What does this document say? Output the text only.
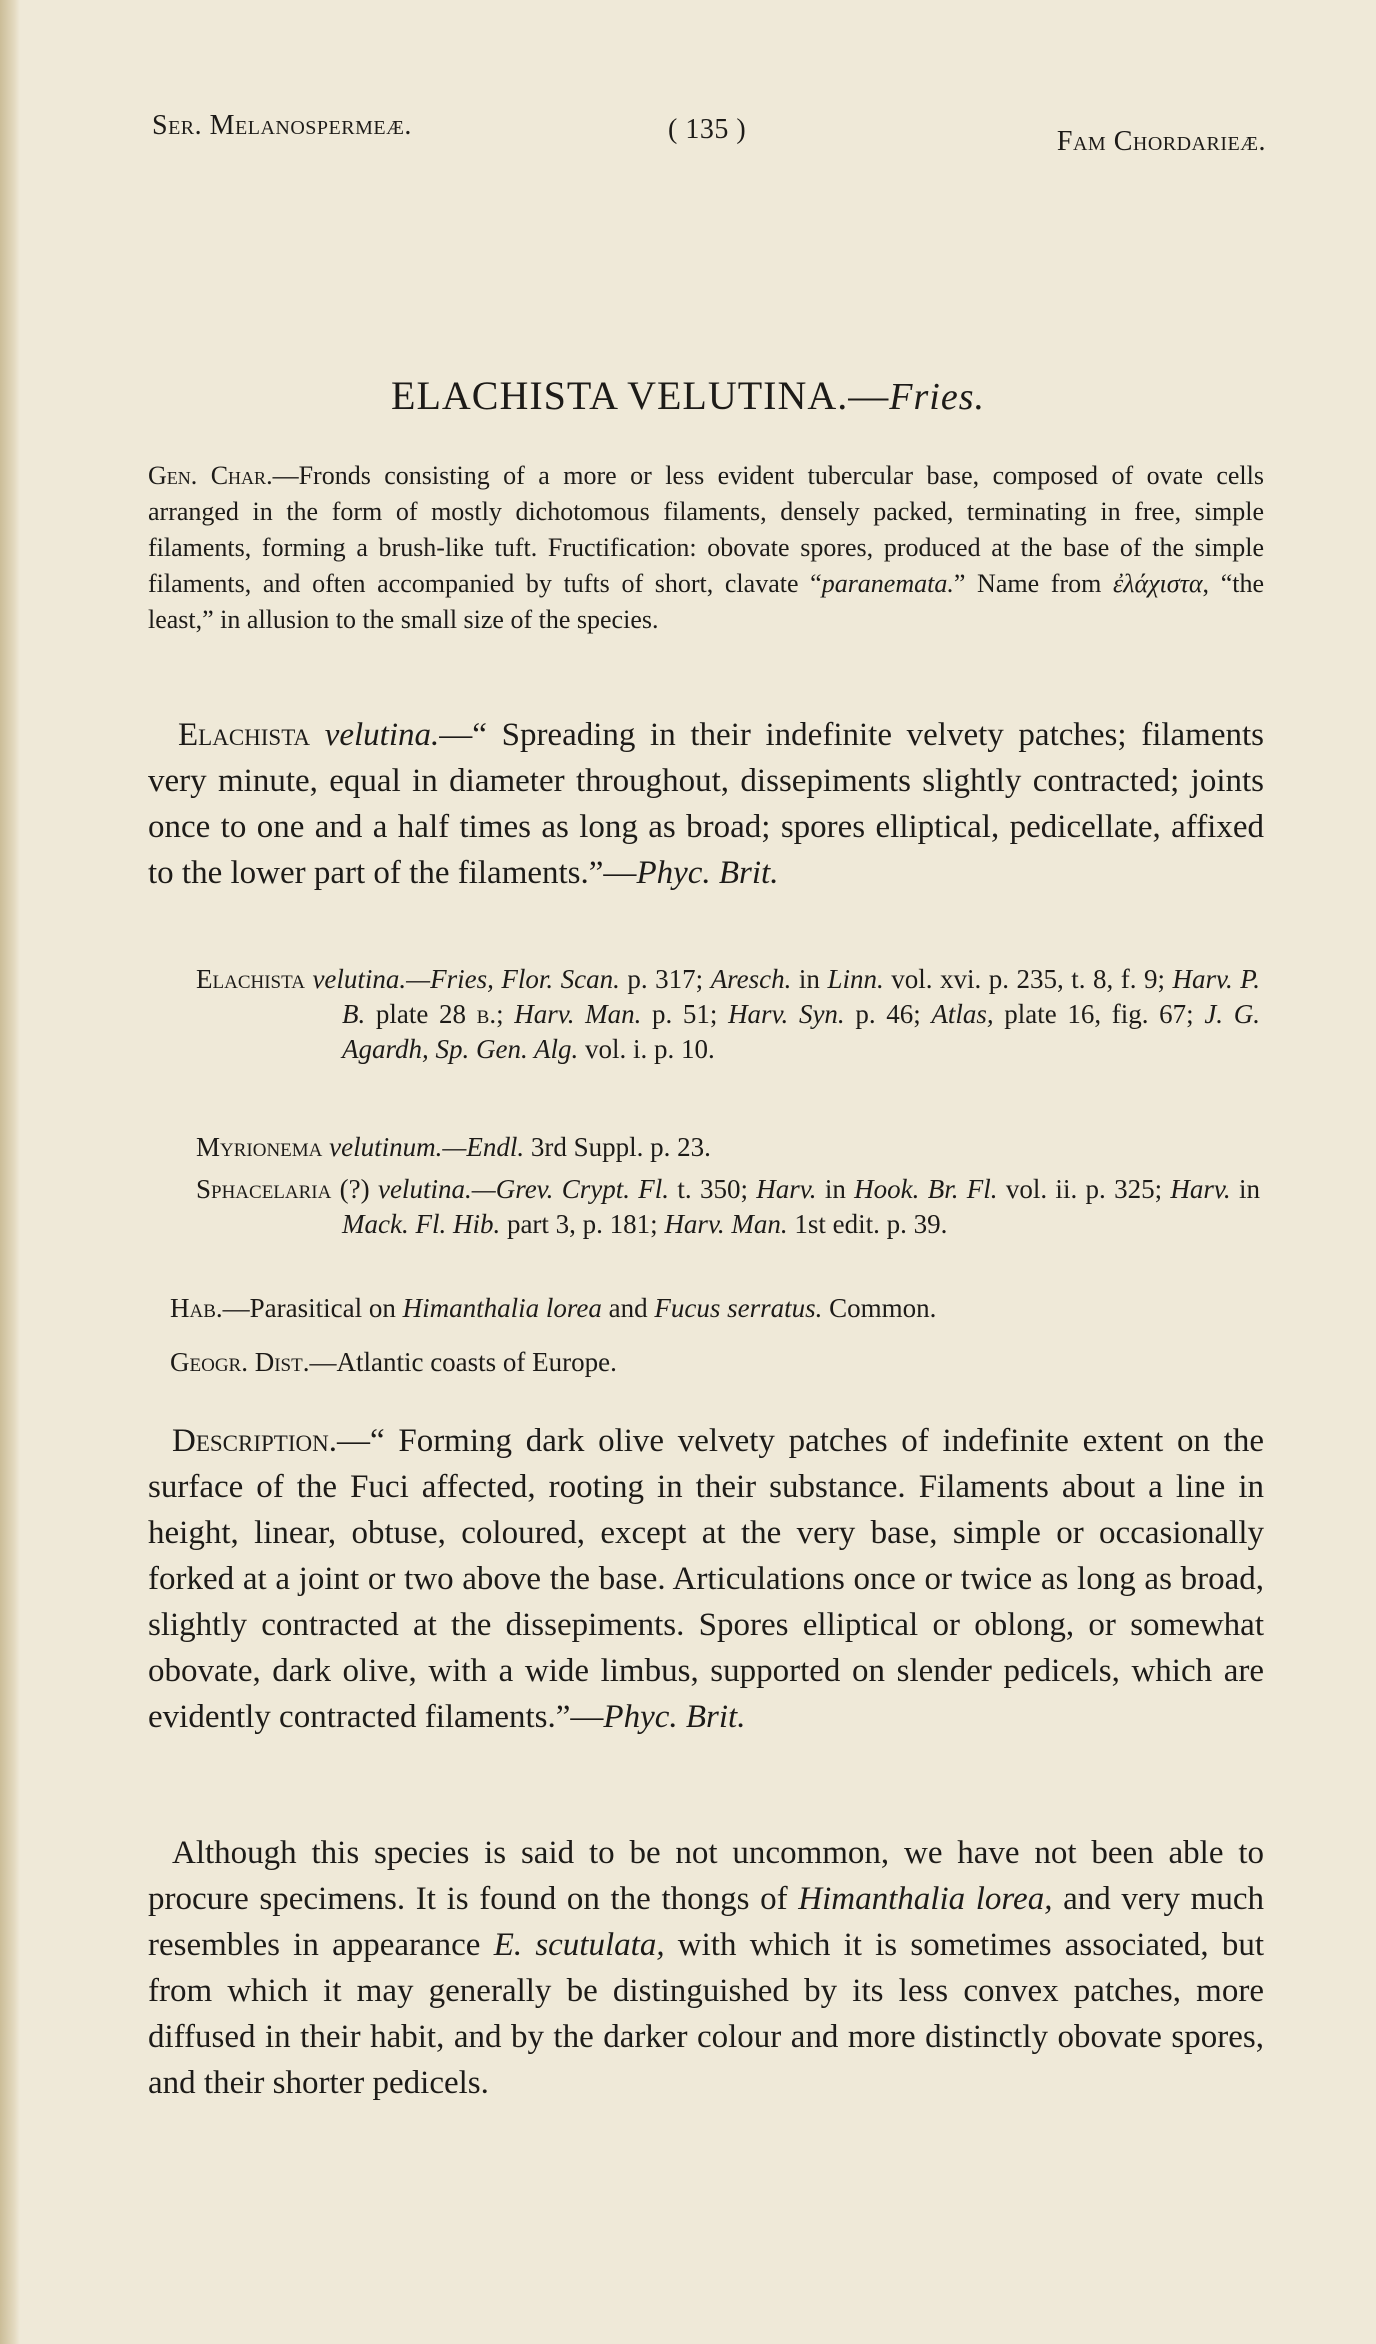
Ser. Melanospermeæ.	( 135 )	Fam Chordarieæ.
ELACHISTA VELUTINA.—Fries.
Gen. Char.—Fronds consisting of a more or less evident tubercular base, composed of ovate cells arranged in the form of mostly dichotomous filaments, densely packed, terminating in free, simple filaments, forming a brush-like tuft. Fructification: obovate spores, produced at the base of the simple filaments, and often accompanied by tufts of short, clavate “paranemata.” Name from ἐλάχιστα, “the least,” in allusion to the small size of the species.
Elachista velutina.—“ Spreading in their indefinite velvety patches; filaments very minute, equal in diameter throughout, dissepiments slightly contracted; joints once to one and a half times as long as broad; spores elliptical, pedicellate, affixed to the lower part of the filaments.”—Phyc. Brit.
Elachista velutina.—Fries, Flor. Scan. p. 317; Aresch. in Linn. vol. xvi. p. 235, t. 8, f. 9; Harv. P. B. plate 28 b.; Harv. Man. p. 51; Harv. Syn. p. 46; Atlas, plate 16, fig. 67; J. G. Agardh, Sp. Gen. Alg. vol. i. p. 10.
Myrionema velutinum.—Endl. 3rd Suppl. p. 23.
Sphacelaria (?) velutina.—Grev. Crypt. Fl. t. 350; Harv. in Hook. Br. Fl. vol. ii. p. 325; Harv. in Mack. Fl. Hib. part 3, p. 181; Harv. Man. 1st edit. p. 39.
Hab.—Parasitical on Himanthalia lorea and Fucus serratus. Common.
Geogr. Dist.—Atlantic coasts of Europe.
Description.—“ Forming dark olive velvety patches of indefinite extent on the surface of the Fuci affected, rooting in their substance. Filaments about a line in height, linear, obtuse, coloured, except at the very base, simple or occasionally forked at a joint or two above the base. Articulations once or twice as long as broad, slightly contracted at the dissepiments. Spores elliptical or oblong, or somewhat obovate, dark olive, with a wide limbus, supported on slender pedicels, which are evidently contracted filaments.”—Phyc. Brit.
Although this species is said to be not uncommon, we have not been able to procure specimens. It is found on the thongs of Himanthalia lorea, and very much resembles in appearance E. scutulata, with which it is sometimes associated, but from which it may generally be distinguished by its less convex patches, more diffused in their habit, and by the darker colour and more distinctly obovate spores, and their shorter pedicels.
